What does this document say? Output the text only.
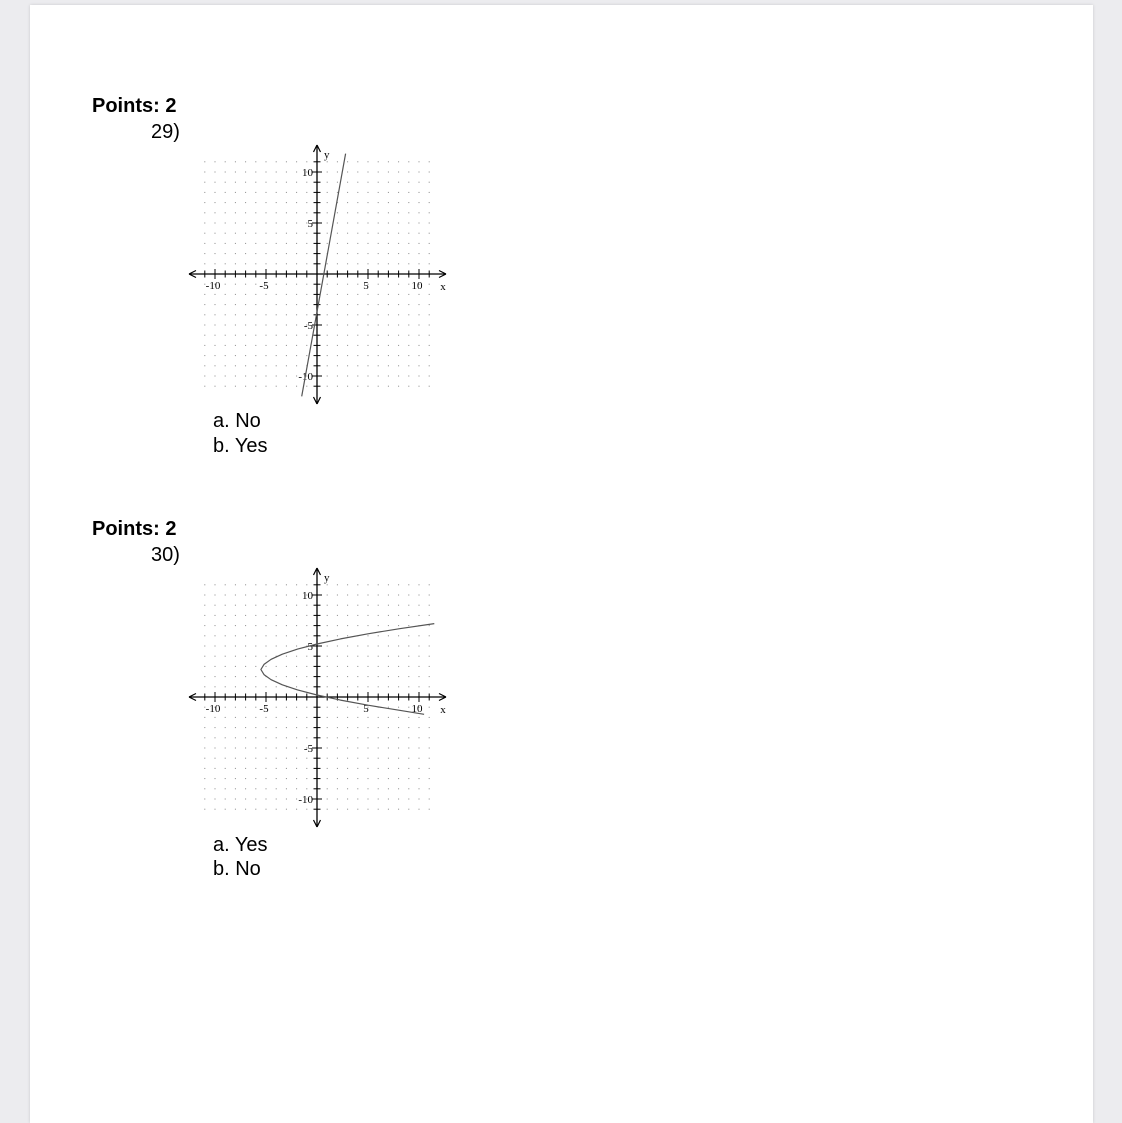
Points: 2
29)
-10	-5	5	10
10
5
-5
-10
x
y
a. No
b. Yes
Points: 2
30)
-10	-5	5	10
10
5
-5
-10
x
y
a. Yes
b. No
